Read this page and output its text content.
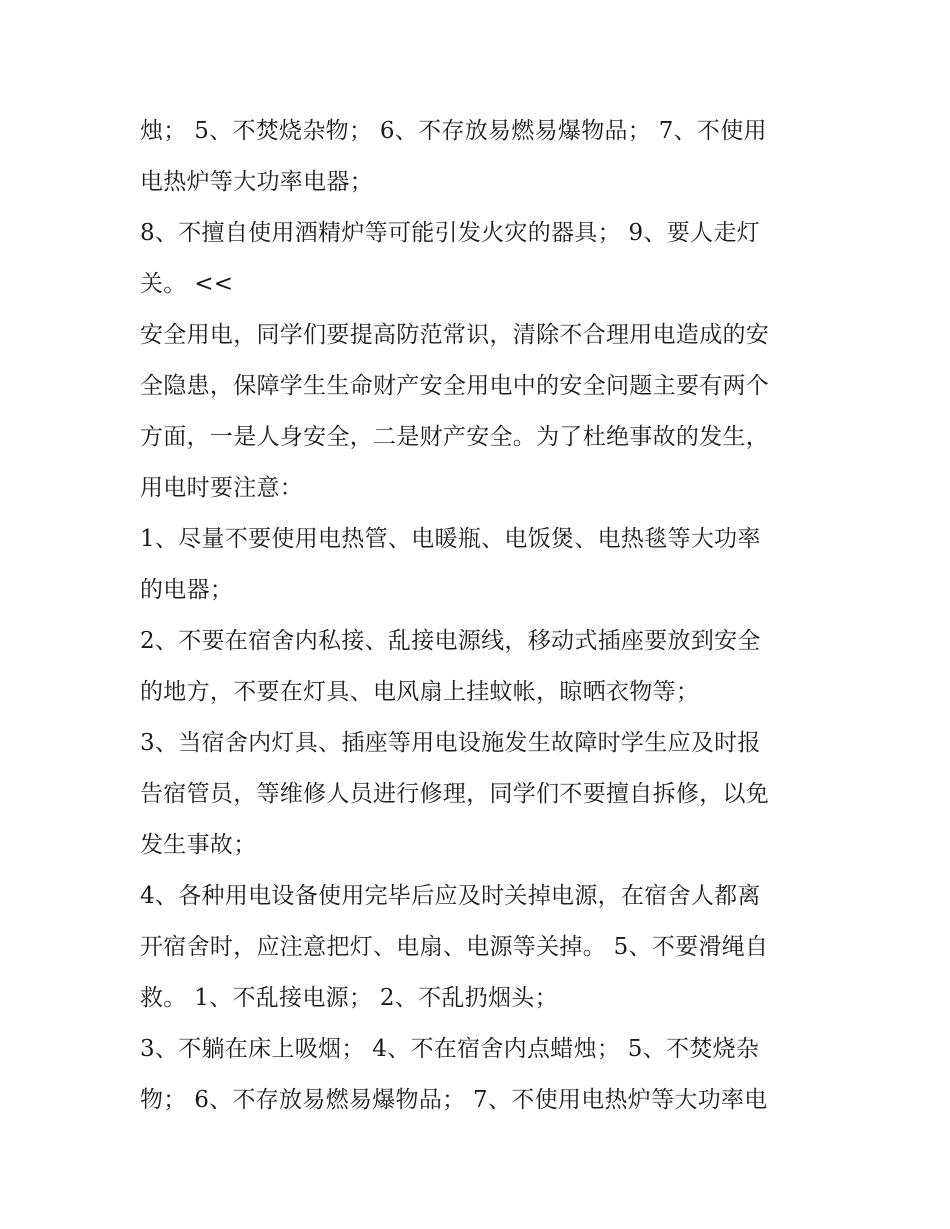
烛； 5、不焚烧杂物； 6、不存放易燃易爆物品； 7、不使用
电热炉等大功率电器；
8、不擅自使用酒精炉等可能引发火灾的器具； 9、要人走灯
关。 <<
安全用电，同学们要提高防范常识，清除不合理用电造成的安
全隐患，保障学生生命财产安全用电中的安全问题主要有两个
方面，一是人身安全，二是财产安全。为了杜绝事故的发生，
用电时要注意：
1、尽量不要使用电热管、电暖瓶、电饭煲、电热毯等大功率
的电器；
2、不要在宿舍内私接、乱接电源线，移动式插座要放到安全
的地方，不要在灯具、电风扇上挂蚊帐，晾晒衣物等；
3、当宿舍内灯具、插座等用电设施发生故障时学生应及时报
告宿管员，等维修人员进行修理，同学们不要擅自拆修，以免
发生事故；
4、各种用电设备使用完毕后应及时关掉电源，在宿舍人都离
开宿舍时，应注意把灯、电扇、电源等关掉。 5、不要滑绳自
救。 1、不乱接电源； 2、不乱扔烟头；
3、不躺在床上吸烟； 4、不在宿舍内点蜡烛； 5、不焚烧杂
物； 6、不存放易燃易爆物品； 7、不使用电热炉等大功率电
